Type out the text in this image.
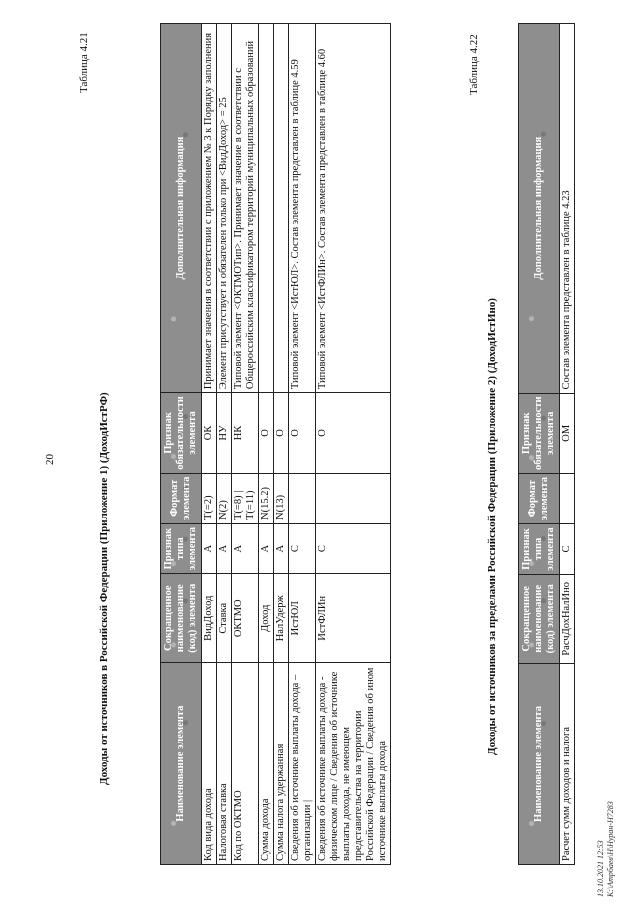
20
Таблица 4.21
Доходы от источников в Российской Федерации (Приложение 1) (ДоходИстРФ)	Наименование элемента	Сокращенное наименование (код) элемента	Признак типа элемента	Формат элемента	Признак обязательности элемента	Дополнительная информация
Код вида дохода	ВидДоход	А	T(=2)	ОК	Принимает значения в соответствии с приложением № 3 к Порядку заполнения
Налоговая ставка	Ставка	А	N(2)	НУ	Элемент присутствует и обязателен только при <ВидДоход> = 25
Код по ОКТМО	ОКТМО	А	T(=8) | T(=11)	НК	Типовой элемент <ОКТМОТип>. Принимает значение в соответствии с Общероссийским классификатором территорий муниципальных образований
Сумма дохода	Доход	А	N(15.2)	О	
Сумма налога удержанная	НалУдерж	А	N(13)	О	
Сведения об источнике выплаты дохода – организации |	ИстЮЛ	С		О	Типовой элемент <ИстЮЛ>. Состав элемента представлен в таблице 4.59
Сведения об источнике выплаты дохода - физическом лице / Сведения об источнике выплаты дохода, не имеющем представительства на территории Российской Федерации / Сведения об ином источнике выплаты дохода	ИстФЛИн	С		О	Типовой элемент <ИстФЛИн>. Состав элемента представлен в таблице 4.60	Таблица 4.22
Доходы от источников за пределами Российской Федерации (Приложение 2) (ДоходИстИно)
Наименование элемента	Сокращенное наименование (код) элемента	Признак типа элемента	Формат элемента	Признак обязательности элемента	Дополнительная информация
Расчет сумм доходов и налога	РасчДохНалИно	С		ОМ	Состав элемента представлен в таблице 4.23
13.10.2021 12:53 К:\Атрбаев\Н\Нуран-Н7283
